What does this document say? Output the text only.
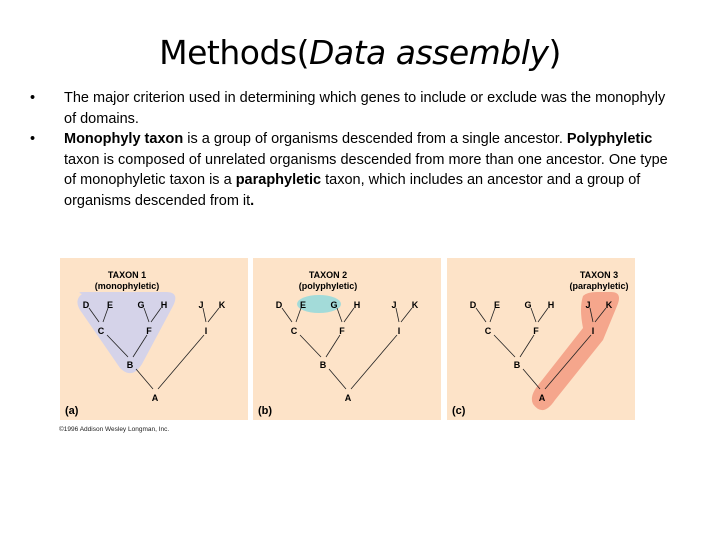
Methods(Data assembly)
• The major criterion used in determining which genes to include or exclude was the monophyly of domains.
• Monophyly taxon is a group of organisms descended from a single ancestor. Polyphyletic taxon is composed of unrelated organisms descended from more than one ancestor. One type of monophyletic taxon is a paraphyletic taxon, which includes an ancestor and a group of organisms descended from it.
D E	G H	J K
C	F	I
B
A
TAXON 1
(monophyletic)
(a)
D E	G H	J K
C	F	I
B
A
TAXON 2
(polyphyletic)
(b)
D E	G H	J K
C	F	I
B
A
TAXON 3
(paraphyletic)
(c)
©1996 Addison Wesley Longman, Inc.
